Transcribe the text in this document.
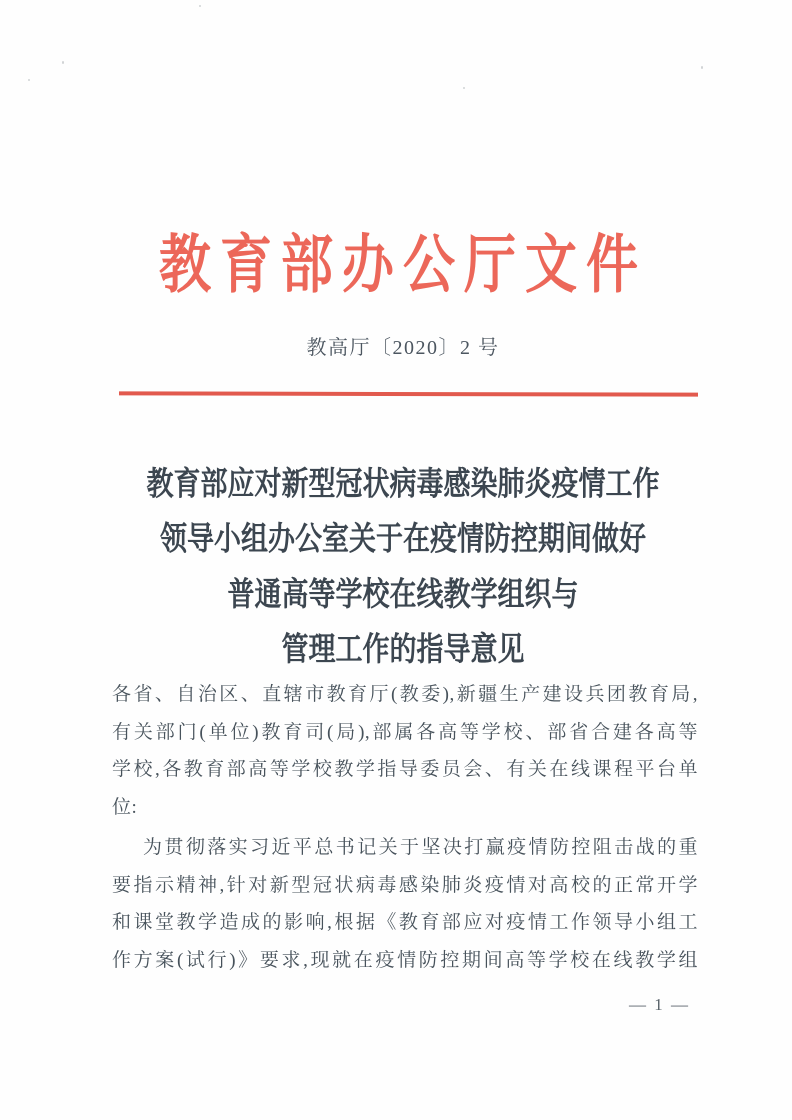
教育部办公厅文件
教高厅〔2020〕2 号
教育部应对新型冠状病毒感染肺炎疫情工作
领导小组办公室关于在疫情防控期间做好
普通高等学校在线教学组织与
管理工作的指导意见
各省、自治区、直辖市教育厅(教委),新疆生产建设兵团教育局,
有关部门(单位)教育司(局),部属各高等学校、部省合建各高等
学校,各教育部高等学校教学指导委员会、有关在线课程平台单
位:
为贯彻落实习近平总书记关于坚决打赢疫情防控阻击战的重
要指示精神,针对新型冠状病毒感染肺炎疫情对高校的正常开学
和课堂教学造成的影响,根据《教育部应对疫情工作领导小组工
作方案(试行)》要求,现就在疫情防控期间高等学校在线教学组
— 1 —
